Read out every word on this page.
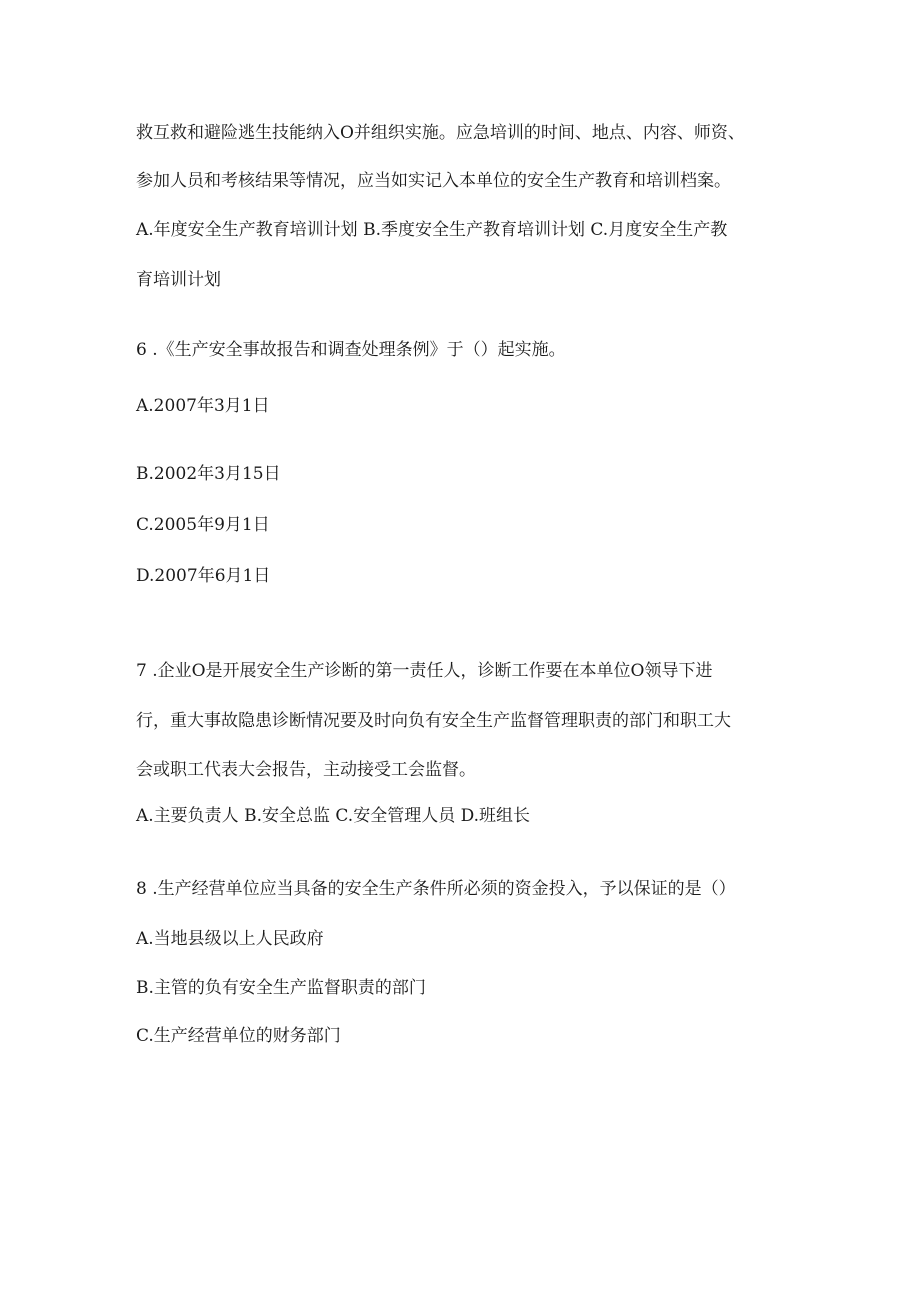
救互救和避险逃生技能纳入O并组织实施。应急培训的时间、地点、内容、师资、

参加人员和考核结果等情况，应当如实记入本单位的安全生产教育和培训档案。

A.年度安全生产教育培训计划 B.季度安全生产教育培训计划 C.月度安全生产教

育培训计划

6 .《生产安全事故报告和调查处理条例》于（）起实施。

A.2007年3月1日

B.2002年3月15日

C.2005年9月1日

D.2007年6月1日

7 .企业O是开展安全生产诊断的第一责任人，诊断工作要在本单位O领导下进

行，重大事故隐患诊断情况要及时向负有安全生产监督管理职责的部门和职工大

会或职工代表大会报告，主动接受工会监督。

A.主要负责人 B.安全总监 C.安全管理人员 D.班组长

8 .生产经营单位应当具备的安全生产条件所必须的资金投入，予以保证的是（）

A.当地县级以上人民政府

B.主管的负有安全生产监督职责的部门

C.生产经营单位的财务部门
